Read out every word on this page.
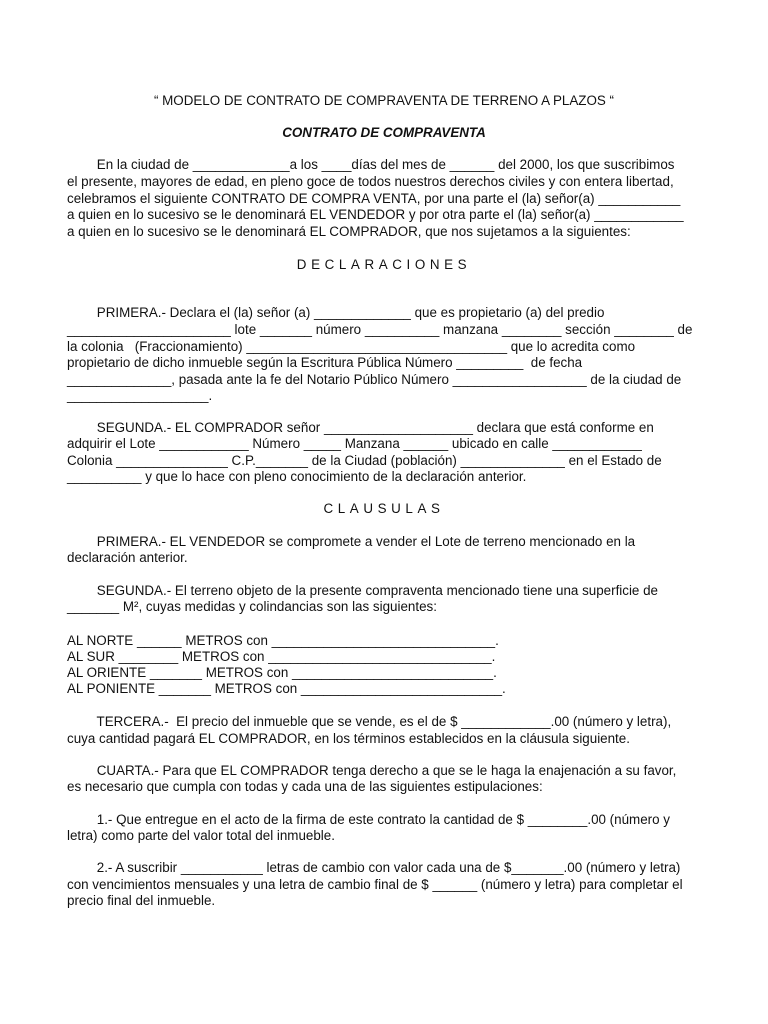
“ MODELO DE CONTRATO DE COMPRAVENTA DE TERRENO A PLAZOS “

CONTRATO DE COMPRAVENTA

En la ciudad de _____________a los ____días del mes de ______ del 2000, los que suscribimos

el presente, mayores de edad, en pleno goce de todos nuestros derechos civiles y con entera libertad,

celebramos el siguiente CONTRATO DE COMPRA VENTA, por una parte el (la) señor(a) ___________

a quien en lo sucesivo se le denominará EL VENDEDOR y por otra parte el (la) señor(a) ____________

a quien en lo sucesivo se le denominará EL COMPRADOR, que nos sujetamos a la siguientes:

DECLARACIONES

PRIMERA.- Declara el (la) señor (a) _____________ que es propietario (a) del predio

______________________ lote _______ número __________ manzana ________ sección ________ de

la colonia   (Fraccionamiento) ___________________________________ que lo acredita como

propietario de dicho inmueble según la Escritura Pública Número _________  de fecha

______________, pasada ante la fe del Notario Público Número __________________ de la ciudad de

___________________.

SEGUNDA.- EL COMPRADOR señor ____________________ declara que está conforme en

adquirir el Lote ____________ Número _____ Manzana ______ ubicado en calle ____________

Colonia _______________ C.P._______ de la Ciudad (población) ______________ en el Estado de

__________ y que lo hace con pleno conocimiento de la declaración anterior.

CLAUSULAS

PRIMERA.- EL VENDEDOR se compromete a vender el Lote de terreno mencionado en la

declaración anterior.

SEGUNDA.- El terreno objeto de la presente compraventa mencionado tiene una superficie de

_______ M², cuyas medidas y colindancias son las siguientes:

AL NORTE ______ METROS con ______________________________.

AL SUR ________ METROS con ______________________________.

AL ORIENTE _______ METROS con ___________________________.

AL PONIENTE _______ METROS con ___________________________.

TERCERA.-  El precio del inmueble que se vende, es el de $ ____________.00 (número y letra),

cuya cantidad pagará EL COMPRADOR, en los términos establecidos en la cláusula siguiente.

CUARTA.- Para que EL COMPRADOR tenga derecho a que se le haga la enajenación a su favor,

es necesario que cumpla con todas y cada una de las siguientes estipulaciones:

1.- Que entregue en el acto de la firma de este contrato la cantidad de $ ________.00 (número y

letra) como parte del valor total del inmueble.

2.- A suscribir ___________ letras de cambio con valor cada una de $_______.00 (número y letra)

con vencimientos mensuales y una letra de cambio final de $ ______ (número y letra) para completar el

precio final del inmueble.
